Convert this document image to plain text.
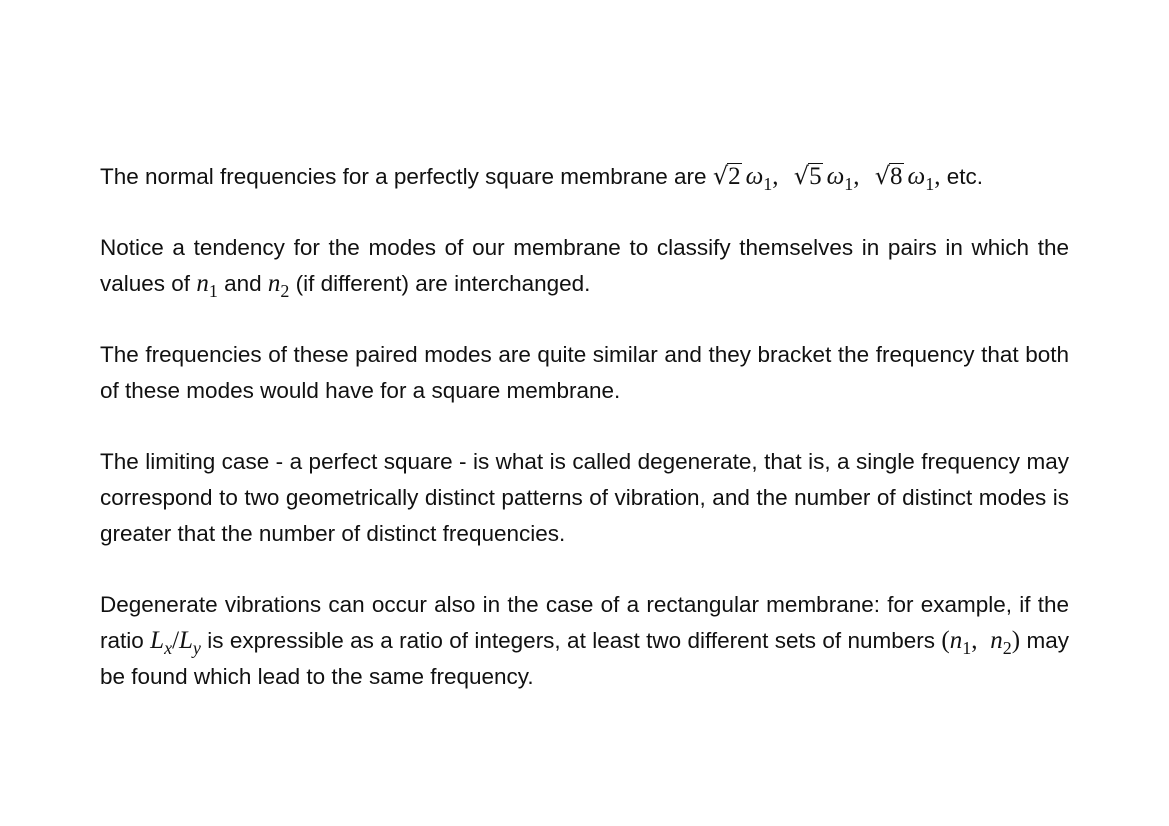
The normal frequencies for a perfectly square membrane are √2 $\omega_1$, √5 $\omega_1$, √8 $\omega_1$, etc.

Notice a tendency for the modes of our membrane to classify themselves in pairs in which the values of $n_1$ and $n_2$ (if different) are interchanged.

The frequencies of these paired modes are quite similar and they bracket the frequency that both of these modes would have for a square membrane.

The limiting case - a perfect square - is what is called degenerate, that is, a single frequency may correspond to two geometrically distinct patterns of vibration, and the number of distinct modes is greater that the number of distinct frequencies.

Degenerate vibrations can occur also in the case of a rectangular membrane: for example, if the ratio $L_x/L_y$ is expressible as a ratio of integers, at least two different sets of numbers ($n_1$, $n_2$) may be found which lead to the same frequency.
